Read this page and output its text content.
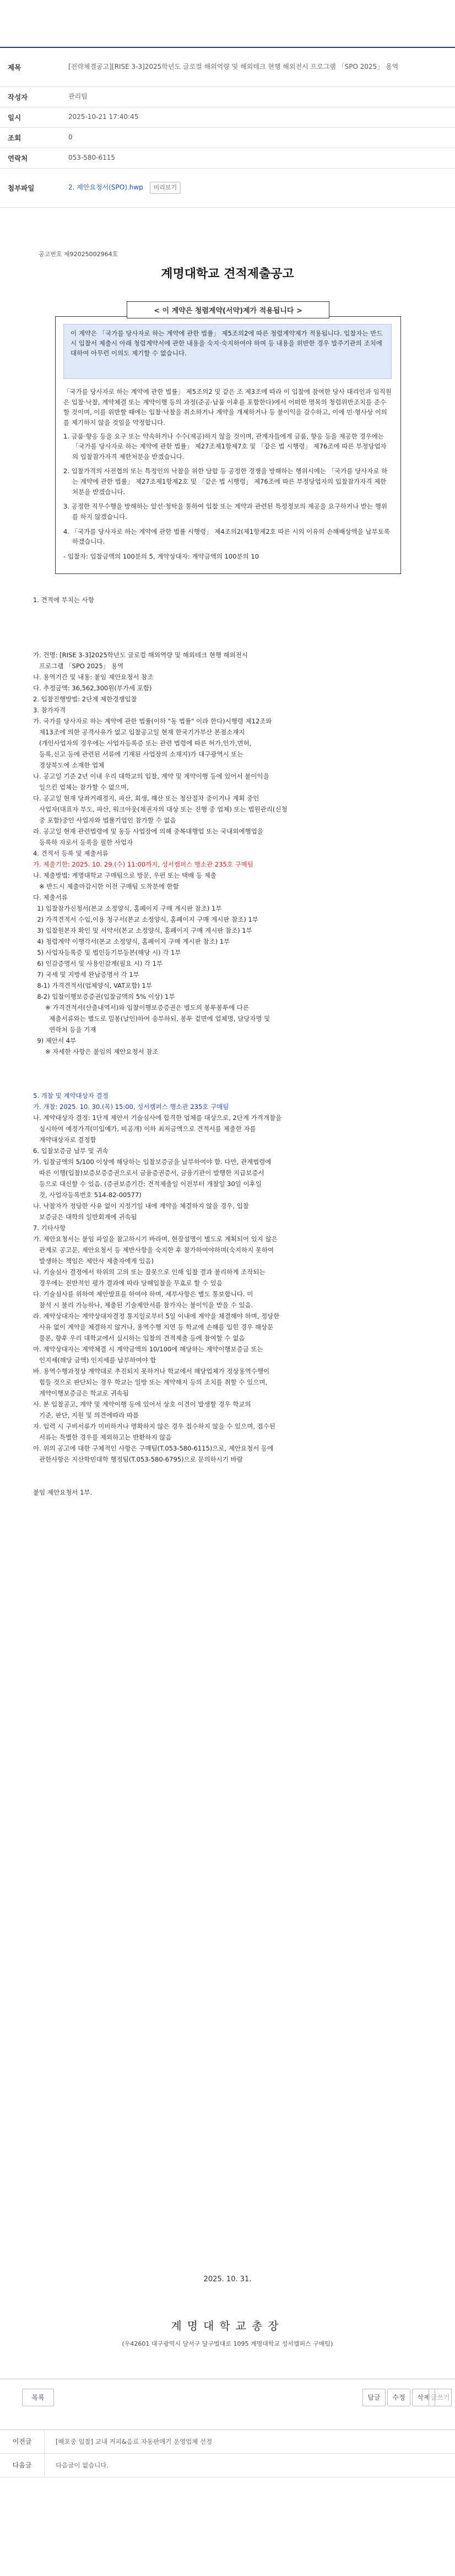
제목	[전략체결공고][RISE 3-3]2025학년도 글로컬 해외역량 및 해외테크 현행 해외전시 프로그램 「SPO 2025」 용역
작성자	관리팀
일시	2025-10-21 17:40:45
조회	0
연락처	053-580-6115
첨부파일	2. 제안요청서(SPO).hwp 미리보기
공고번호 제92025002964호
계명대학교 견적제출공고
< 이 계약은 청렴계약(서약)제가 적용됩니다 >
이 계약은 「국가를 당사자로 하는 계약에 관한 법률」 제5조의2에 따른 청렴계약제가 적용됩니다. 입찰자는 반드시 입찰서 제출시 아래 청렴계약서에 관한 내용을 숙지·숙지하여야 하며 등 내용을 위반한 경우 발주기관의 조치에 대하여 아무런 이의도 제기할 수 없습니다.

「국가를 당사자로 하는 계약에 관한 법률」 제5조의2 및 같은 조 제3조에 따라 이 입찰에 참여한 당사 대리인과 임직원은 입찰·낙찰, 계약체결 또는 계약이행 등의 과정(준공·납품 이후를 포함한다)에서 어떠한 명목의 청렴위반조치를 준수할 것이며, 이를 위반할 때에는 입찰·낙찰을 취소하거나 계약을 개제하거나 등 불이익을 감수하고, 이에 민·형사상 이의를 제기하지 않을 것임을 약정합니다.

1. 금품·향응 등을 요구 또는 약속하거나 수수(제공)하지 않을 것이며, 관계자들에게 금품, 향응 등을 제공한 경우에는 「국가를 당사자로 하는 계약에 관한 법률」 제27조제1항제7호 및 「같은 법 시행령」 제76조에 따른 부정당업자의 입찰참가자격 제한처분을 받겠습니다.
2. 입찰가격의 사전협의 또는 특정인의 낙찰을 위한 담합 등 공정한 경쟁을 방해하는 행위시에는 「국가를 당사자로 하는 계약에 관한 법률」 제27조제1항제2호 및 「같은 법 시행령」 제76조에 따른 부정당업자의 입찰참가자격 제한 처분을 받겠습니다.
3. 공정한 직무수행을 방해하는 알선·청탁을 통하여 입찰 또는 계약과 관련된 특정정보의 제공을 요구하거나 받는 행위를 하지 않겠습니다.
4. 「국가를 당사자로 하는 계약에 관한 법률 시행령」 제4조의2(제1항제2호 따른 시의 이유의 손해배상액을 납부토록 하겠습니다.
- 입찰자: 입찰금액의 100분의 5, 계약상대자: 계약금액의 100분의 10
1. 견적에 부치는 사항
가. 건명: [RISE 3-3]2025학년도 글로컬 해외역량 및 해외테크 현행 해외전시
프로그램 「SPO 2025」 용역
나. 용역기간 및 내용: 붙임 제안요청서 참조
다. 추정금액: 36,562,300원(부가세 포함)
2. 입찰진행방법: 2단계 제한경쟁입찰
3. 참가자격
가. 국가를 당사자로 하는 계약에 관한 법률(이하 "동 법률" 이라 한다)시행령 제12조와
제13조에 의한 공격사유가 없고 입찰공고일 현재 한국기가부산 본점소재지
(개인사업자의 경우에는 사업자등록증 또는 관련 법령에 따른 허가,인가,면허,
등록,신고 등에 관련된 서류에 기재된 사업장의 소재지)가 대구광역시 또는
경상북도에 소재한 업체
나. 공고일 기준 2년 이내 우리 대학교의 입찰, 계약 및 계약이행 등에 있어서 불이익을
일으킨 업체는 참가할 수 없으며,
다. 공고일 현재 당좌거래정지, 파산, 회생, 해산 또는 청산절차 중이거나 계획 중인
사업자(대표자 부도, 파산, 워크아웃(채권자의 대상 또는 진행 중 업체) 또는 법원관리(신청
중 포함)중인 사업자와 법률기업인 참가할 수 없음
라. 공고일 현재 관련법령에 및 동등 사업장에 의해 중복대행업 또는 국내외에행업을
등록하 자로서 등록을 필한 사업자
4. 견적서 등록 및 제출서류
가. 제출기한: 2025. 10. 29.(수) 11:00까지, 성서캠퍼스 행소관 235호 구매팀
나. 제출방법: 계명대학교 구매팀으로 방문, 우편 또는 택배 등 제출
※ 반드시 제출마감시한 이전 구매팀 도착분에 한함
다. 제출서류
1) 입찰참가신청서(본교 소정양식, 홈페이지 구매 게시판 참조) 1부
2) 가격견적서 수입,이용 청구서(본교 소정양식, 홈페이지 구매 게시판 참조) 1부
3) 입찰원본자 확인 및 서약서(본교 소정양식, 홈페이지 구매 게시판 참조) 1부
4) 청렴계약 이행각서(본교 소정양식, 홈페이지 구매 게시판 참조) 1부
5) 사업자등록증 및 법인등기부등본(해당 시) 각 1부
6) 인감증명서 및 사용인감계(필요 시) 각 1부
7) 국세 및 지방세 완납증명서 각 1부
8-1) 가격견적서(업체양식, VAT포함) 1부
8-2) 입찰이행보증증권(입찰금액의 5% 이상) 1부
※ 가격견적서(산출내역서)와 입찰이행보증증권은 별도의 봉투봉투에 다른
제출서류와는 별도로 밀봉(날인)하여 송부하되, 봉투 겉면에 업체명, 담당자명 및
연락처 등을 기재
9) 제안서 4부
※ 자세한 사항은 붙임의 제안요청서 참조
5. 개찰 및 계약대상자 결정
가. 개찰: 2025. 10. 30.(목) 15:00, 성서캠퍼스 행소관 235호 구매팀
나. 계약대상자 결정: 1단계 제안서 기술심사에 합격한 업체를 대상으로, 2단계 가격개찰을
실시하여 예정가격(미입예가, 비공개) 이하 최저금액으로 견적서를 제출한 자를
계약대상자로 결정함
6. 입찰보증금 납부 및 귀속
가. 입찰금액의 5/100 이상에 해당하는 입찰보증금을 납부하여야 함. 다만, 관계법령에
따른 이행(입찰)보증보증증권으로서 금융증권증서, 금융기관이 발행한 지급보증서
등으로 대신할 수 있음. (증권보증기간: 견적제출일 이전부터 개찰일 30일 이후일
것, 사업자등록번호 514-82-00577)
나. 낙찰자가 정당한 사유 없이 지정기일 내에 계약을 체결하지 않을 경우, 입찰
보증금은 대학의 일반회계에 귀속됨
7. 기타사항
가. 제안요청서는 붙임 파일을 참고하시기 바라며, 현장설명이 별도로 계획되어 있지 않은
관계로 공고문, 제안요청서 등 제반사항을 숙지한 후 참가하여야하며(숙지하지 못하여
발생하는 책임은 제안사 제출자에게 있음)
나. 기술심사 결정에서 하위의 고의 또는 잘못으로 인해 입찰 결과 불리하게 조작되는
경우에는 전반적인 평가 결과에 따라 당해입찰을 무효로 할 수 있음
다. 기술심사를 위하여 제안발표를 하여야 하며, 세부사항은 별도 통보합니다. 미
참석 시 불리 가능하나, 제출된 기술제안서를 참가자는 불이익을 받을 수 있음.
라. 계약상대자는 계약상대자결정 통지일로부터 5일 이내에 계약을 체결해야 하며, 정당한
사유 없이 계약을 체결하지 않거나, 용역수행 지연 등 학교에 손해를 입힌 경우 해상문
물론, 향후 우리 대학교에서 실시하는 입찰의 견적제출 등에 참여할 수 없음
마. 계약상대자는 계약체결 시 계약금액의 10/100에 해당하는 계약이행보증금 또는
인지세(해당 금액) 인지세를 납부하여야 함
바. 용역수행과정상 계약대로 추진되지 못하거나 학교에서 해당업체가 정상용역수행이
힘들 것으로 판단되는 경우 학교는 일방 또는 계약해지 등의 조치를 취할 수 있으며,
계약이행보증금은 학교로 귀속됨
사. 본 입찰공고, 계약 및 계약이행 등에 있어서 상호 이견이 발생할 경우 학교의
기준, 판단, 지원 및 의견에따라 따름
자. 입력 시 구비서류가 미비하거나 명확하지 않은 경우 접수하지 않을 수 있으며, 접수된
서류는 특별한 경우를 제외하고는 반환하지 않음
아. 위의 공고에 대한 구체적인 사항은 구매팀(T.053-580-6115)으로, 제안요청서 등에
관한사항은 지산학민대학 행정팀(T.053-580-6795)으로 문의하시기 바람
붙임 제안요청서 1부.
2025. 10. 31.
계명대학교총장
(우42601 대구광역시 달서구 달구벌대로 1095 계명대학교 성서캠퍼스 구매팀)
목록	답글	수정	삭제 글쓰기
이전글	[배포중 입찰] 교내 커피&음료 자동판매기 운영업체 선정
다음글	다음글이 없습니다.
